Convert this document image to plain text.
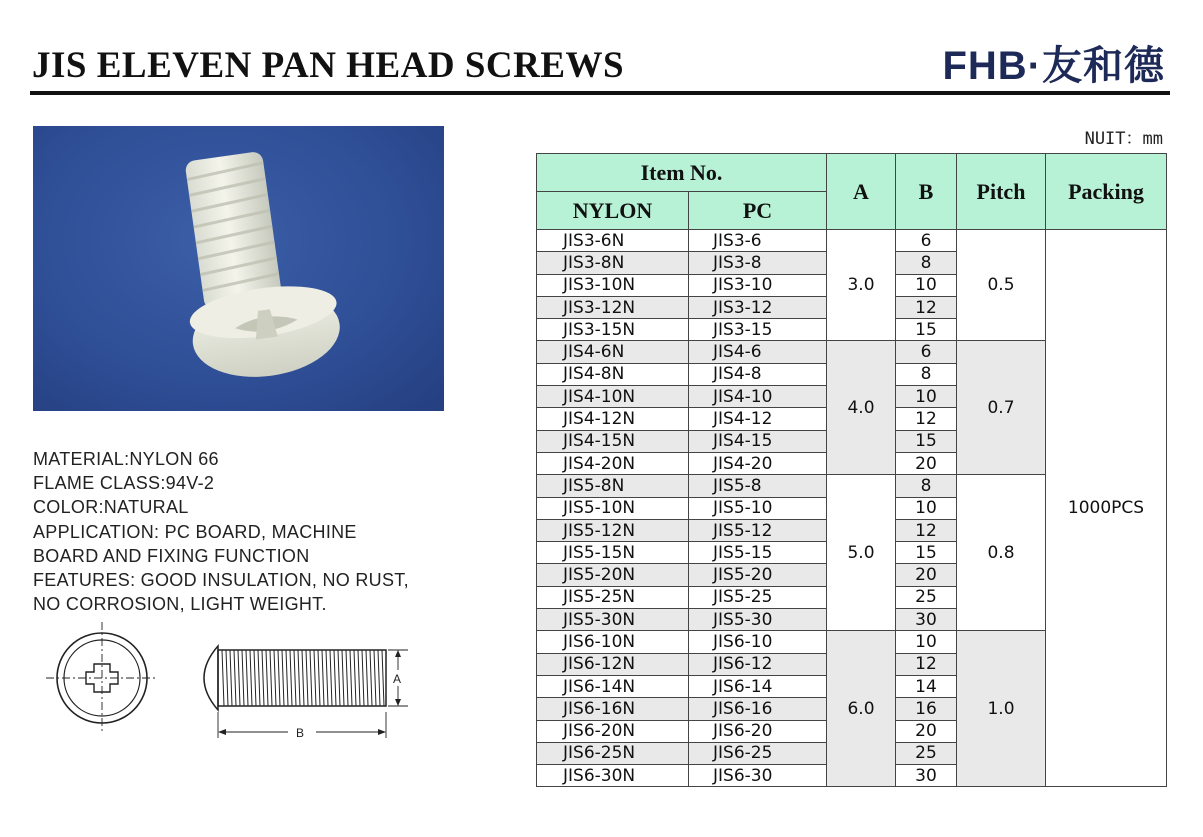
JIS ELEVEN PAN HEAD SCREWS	FHB·友和德
MATERIAL:NYLON 66
FLAME CLASS:94V-2
COLOR:NATURAL
APPLICATION: PC BOARD, MACHINE
BOARD AND FIXING FUNCTION
FEATURES: GOOD INSULATION, NO RUST,
NO CORROSION, LIGHT WEIGHT.
A
B
NUIT：mm
Item No.		A	B	Pitch	Packing
NYLON	PC				
JIS3-6N	JIS3-6	3.0	6	0.5	1000PCS
JIS3-8N	JIS3-8		8		
JIS3-10N	JIS3-10		10		
JIS3-12N	JIS3-12		12		
JIS3-15N	JIS3-15		15		
JIS4-6N	JIS4-6	4.0	6	0.7	
JIS4-8N	JIS4-8		8		
JIS4-10N	JIS4-10		10		
JIS4-12N	JIS4-12		12		
JIS4-15N	JIS4-15		15		
JIS4-20N	JIS4-20		20		
JIS5-8N	JIS5-8	5.0	8	0.8	
JIS5-10N	JIS5-10		10		
JIS5-12N	JIS5-12		12		
JIS5-15N	JIS5-15		15		
JIS5-20N	JIS5-20		20		
JIS5-25N	JIS5-25		25		
JIS5-30N	JIS5-30		30		
JIS6-10N	JIS6-10	6.0	10	1.0	
JIS6-12N	JIS6-12		12		
JIS6-14N	JIS6-14		14		
JIS6-16N	JIS6-16		16		
JIS6-20N	JIS6-20		20		
JIS6-25N	JIS6-25		25		
JIS6-30N	JIS6-30		30		
